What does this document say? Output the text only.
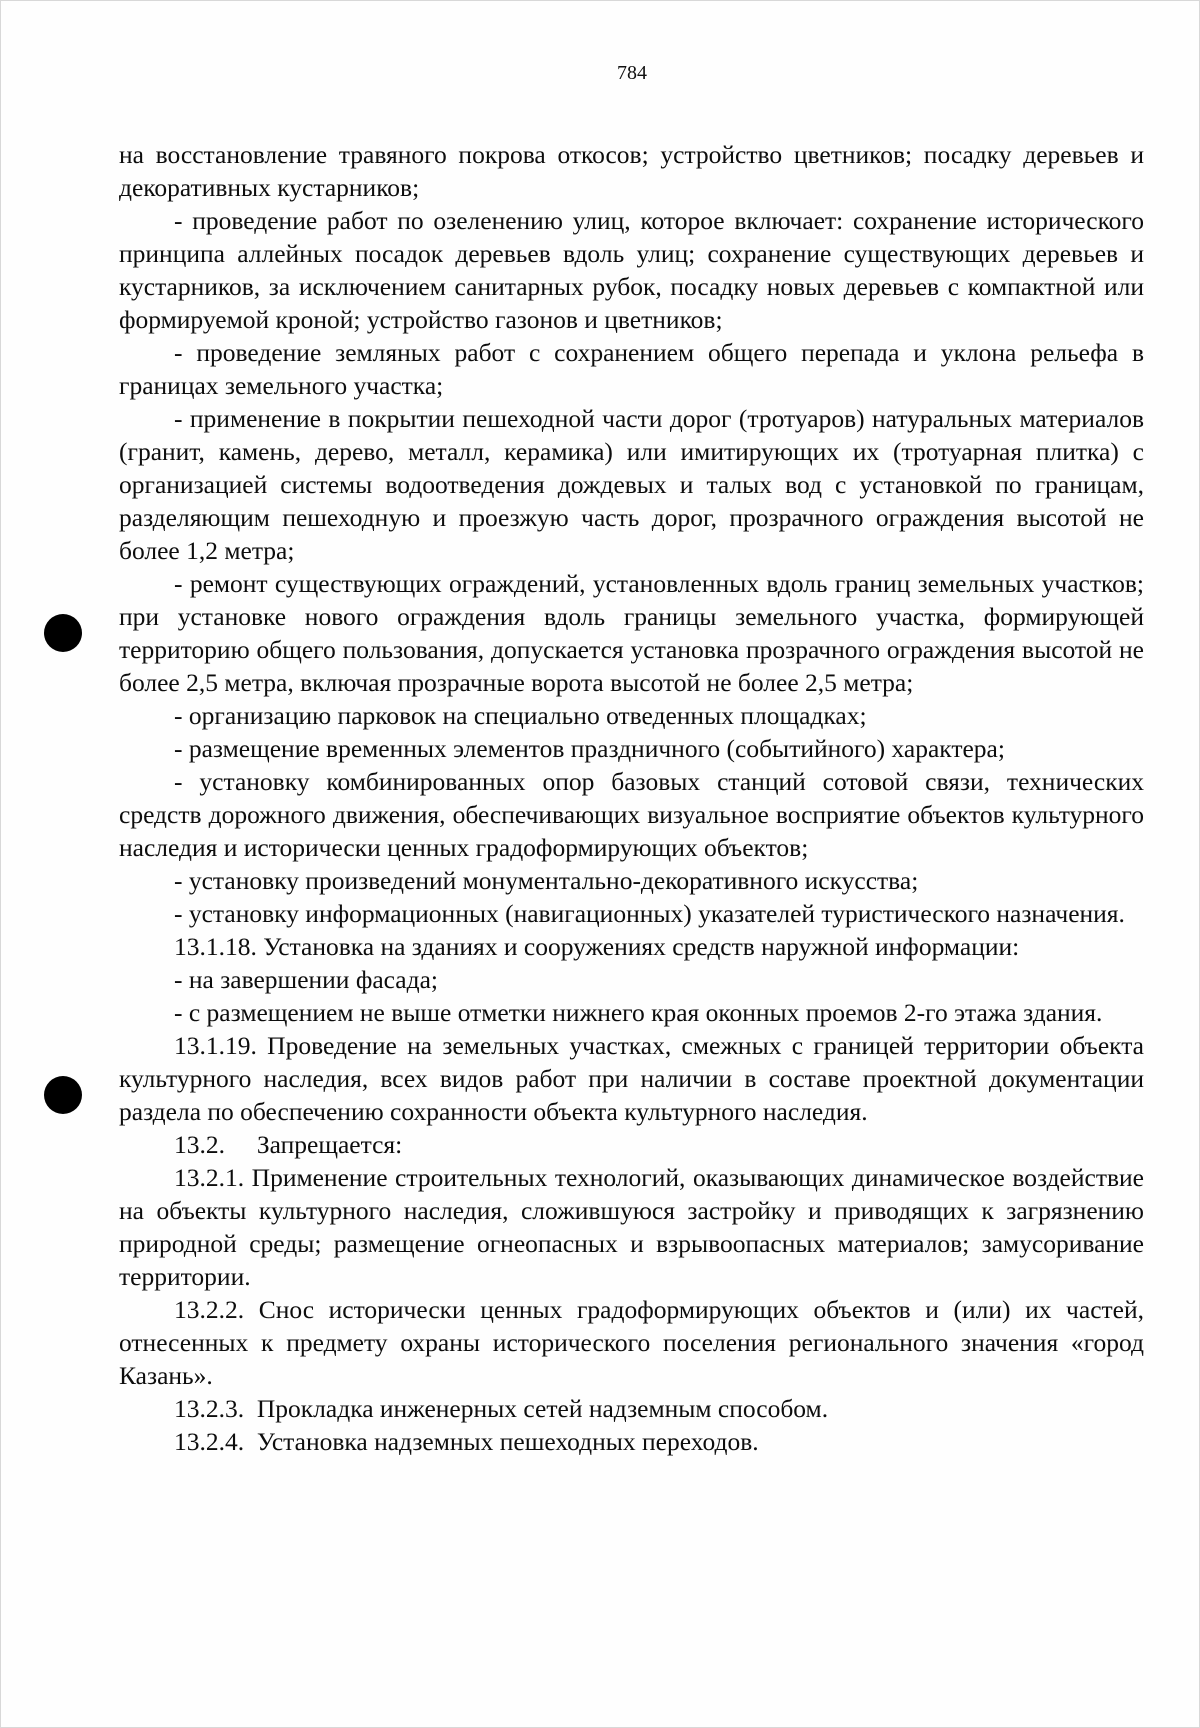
784

на восстановление травяного покрова откосов; устройство цветников; посадку деревьев и декоративных кустарников;

- проведение работ по озеленению улиц, которое включает: сохранение исторического принципа аллейных посадок деревьев вдоль улиц; сохранение существующих деревьев и кустарников, за исключением санитарных рубок, посадку новых деревьев с компактной или формируемой кроной; устройство газонов и цветников;

- проведение земляных работ с сохранением общего перепада и уклона рельефа в границах земельного участка;

- применение в покрытии пешеходной части дорог (тротуаров) натуральных материалов (гранит, камень, дерево, металл, керамика) или имитирующих их (тротуарная плитка) с организацией системы водоотведения дождевых и талых вод с установкой по границам, разделяющим пешеходную и проезжую часть дорог, прозрачного ограждения высотой не более 1,2 метра;

- ремонт существующих ограждений, установленных вдоль границ земельных участков; при установке нового ограждения вдоль границы земельного участка, формирующей территорию общего пользования, допускается установка прозрачного ограждения высотой не более 2,5 метра, включая прозрачные ворота высотой не более 2,5 метра;

- организацию парковок на специально отведенных площадках;

- размещение временных элементов праздничного (событийного) характера;

- установку комбинированных опор базовых станций сотовой связи, технических средств дорожного движения, обеспечивающих визуальное восприятие объектов культурного наследия и исторически ценных градоформирующих объектов;

- установку произведений монументально-декоративного искусства;

- установку информационных (навигационных) указателей туристического назначения.

13.1.18. Установка на зданиях и сооружениях средств наружной информации:

- на завершении фасада;

- с размещением не выше отметки нижнего края оконных проемов 2-го этажа здания.

13.1.19. Проведение на земельных участках, смежных с границей территории объекта культурного наследия, всех видов работ при наличии в составе проектной документации раздела по обеспечению сохранности объекта культурного наследия.

13.2.     Запрещается:

13.2.1. Применение строительных технологий, оказывающих динамическое воздействие на объекты культурного наследия, сложившуюся застройку и приводящих к загрязнению природной среды; размещение огнеопасных и взрывоопасных материалов; замусоривание территории.

13.2.2. Снос исторически ценных градоформирующих объектов и (или) их частей, отнесенных к предмету охраны исторического поселения регионального значения «город Казань».

13.2.3.  Прокладка инженерных сетей надземным способом.

13.2.4.  Установка надземных пешеходных переходов.
